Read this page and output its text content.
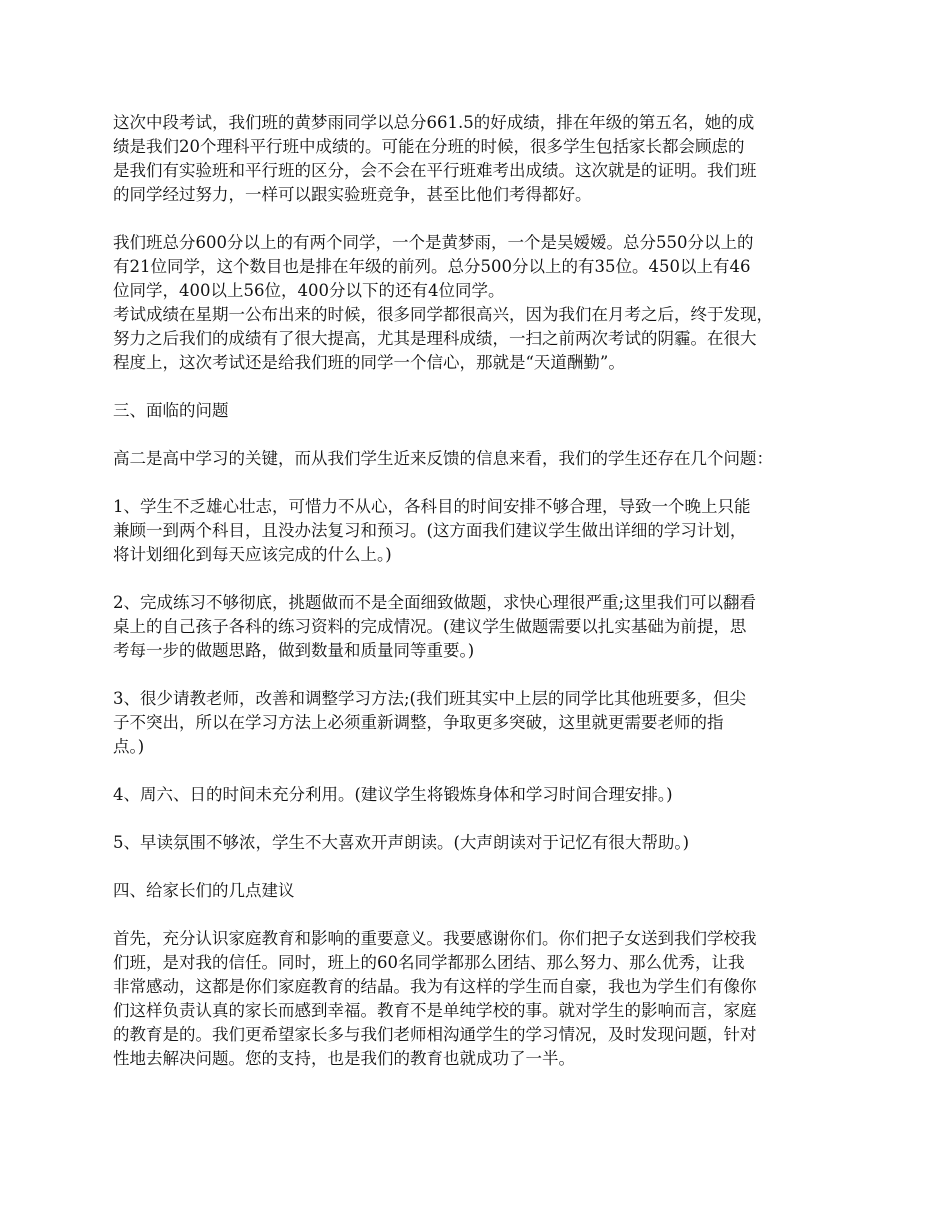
这次中段考试，我们班的黄梦雨同学以总分661.5的好成绩，排在年级的第五名，她的成
绩是我们20个理科平行班中成绩的。可能在分班的时候，很多学生包括家长都会顾虑的
是我们有实验班和平行班的区分，会不会在平行班难考出成绩。这次就是的证明。我们班
的同学经过努力，一样可以跟实验班竞争，甚至比他们考得都好。

我们班总分600分以上的有两个同学，一个是黄梦雨，一个是吴嫒嫒。总分550分以上的
有21位同学，这个数目也是排在年级的前列。总分500分以上的有35位。450以上有46
位同学，400以上56位，400分以下的还有4位同学。

考试成绩在星期一公布出来的时候，很多同学都很高兴，因为我们在月考之后，终于发现，
努力之后我们的成绩有了很大提高，尤其是理科成绩，一扫之前两次考试的阴霾。在很大
程度上，这次考试还是给我们班的同学一个信心，那就是“天道酬勤”。

三、面临的问题

高二是高中学习的关键，而从我们学生近来反馈的信息来看，我们的学生还存在几个问题：

1、学生不乏雄心壮志，可惜力不从心，各科目的时间安排不够合理，导致一个晚上只能
兼顾一到两个科目，且没办法复习和预习。(这方面我们建议学生做出详细的学习计划，
将计划细化到每天应该完成的什么上。)

2、完成练习不够彻底，挑题做而不是全面细致做题，求快心理很严重;这里我们可以翻看
桌上的自己孩子各科的练习资料的完成情况。(建议学生做题需要以扎实基础为前提，思
考每一步的做题思路，做到数量和质量同等重要。)

3、很少请教老师，改善和调整学习方法;(我们班其实中上层的同学比其他班要多，但尖
子不突出，所以在学习方法上必须重新调整，争取更多突破，这里就更需要老师的指
点。)

4、周六、日的时间未充分利用。(建议学生将锻炼身体和学习时间合理安排。)

5、早读氛围不够浓，学生不大喜欢开声朗读。(大声朗读对于记忆有很大帮助。)

四、给家长们的几点建议

首先，充分认识家庭教育和影响的重要意义。我要感谢你们。你们把子女送到我们学校我
们班，是对我的信任。同时，班上的60名同学都那么团结、那么努力、那么优秀，让我
非常感动，这都是你们家庭教育的结晶。我为有这样的学生而自豪，我也为学生们有像你
们这样负责认真的家长而感到幸福。教育不是单纯学校的事。就对学生的影响而言，家庭
的教育是的。我们更希望家长多与我们老师相沟通学生的学习情况，及时发现问题，针对
性地去解决问题。您的支持，也是我们的教育也就成功了一半。
